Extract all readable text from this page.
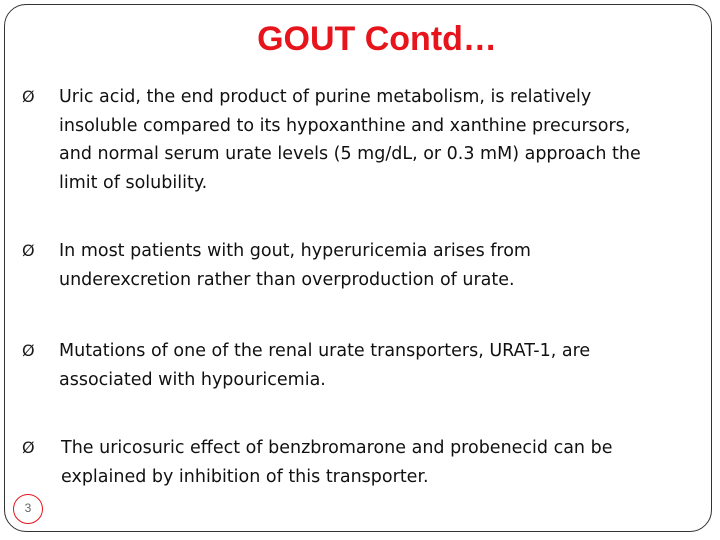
GOUT Contd…
Ø Uric acid, the end product of purine metabolism, is relatively
insoluble compared to its hypoxanthine and xanthine precursors,
and normal serum urate levels (5 mg/dL, or 0.3 mM) approach the
limit of solubility.
Ø In most patients with gout, hyperuricemia arises from
underexcretion rather than overproduction of urate.
Ø Mutations of one of the renal urate transporters, URAT-1, are
associated with hypouricemia.
Ø The uricosuric effect of benzbromarone and probenecid can be
explained by inhibition of this transporter.
3
